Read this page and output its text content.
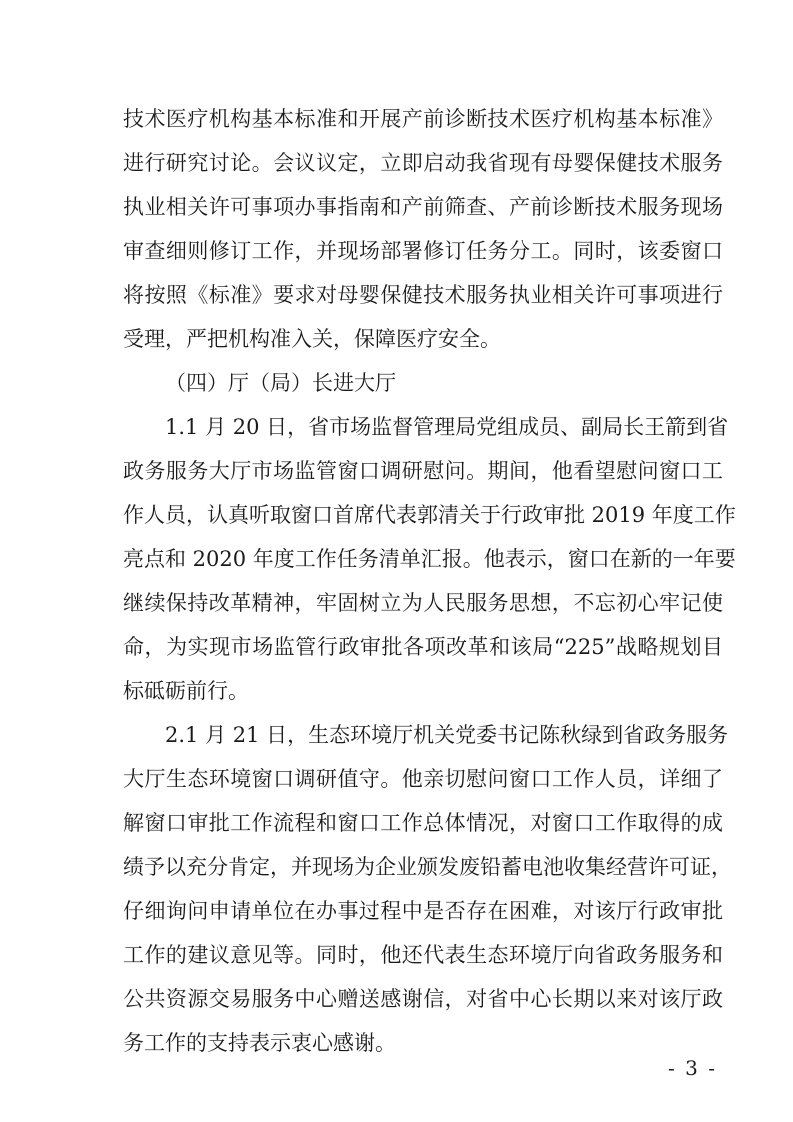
技术医疗机构基本标准和开展产前诊断技术医疗机构基本标准》
进行研究讨论。会议议定，立即启动我省现有母婴保健技术服务
执业相关许可事项办事指南和产前筛查、产前诊断技术服务现场
审查细则修订工作，并现场部署修订任务分工。同时，该委窗口
将按照《标准》要求对母婴保健技术服务执业相关许可事项进行
受理，严把机构准入关，保障医疗安全。
（四）厅（局）长进大厅
1.1 月 20 日，省市场监督管理局党组成员、副局长王箭到省
政务服务大厅市场监管窗口调研慰问。期间，他看望慰问窗口工
作人员，认真听取窗口首席代表郭清关于行政审批 2019 年度工作
亮点和 2020 年度工作任务清单汇报。他表示，窗口在新的一年要
继续保持改革精神，牢固树立为人民服务思想，不忘初心牢记使
命，为实现市场监管行政审批各项改革和该局“225”战略规划目
标砥砺前行。
2.1 月 21 日，生态环境厅机关党委书记陈秋绿到省政务服务
大厅生态环境窗口调研值守。他亲切慰问窗口工作人员，详细了
解窗口审批工作流程和窗口工作总体情况，对窗口工作取得的成
绩予以充分肯定，并现场为企业颁发废铅蓄电池收集经营许可证，
仔细询问申请单位在办事过程中是否存在困难，对该厅行政审批
工作的建议意见等。同时，他还代表生态环境厅向省政务服务和
公共资源交易服务中心赠送感谢信，对省中心长期以来对该厅政
务工作的支持表示衷心感谢。
- 3 -
